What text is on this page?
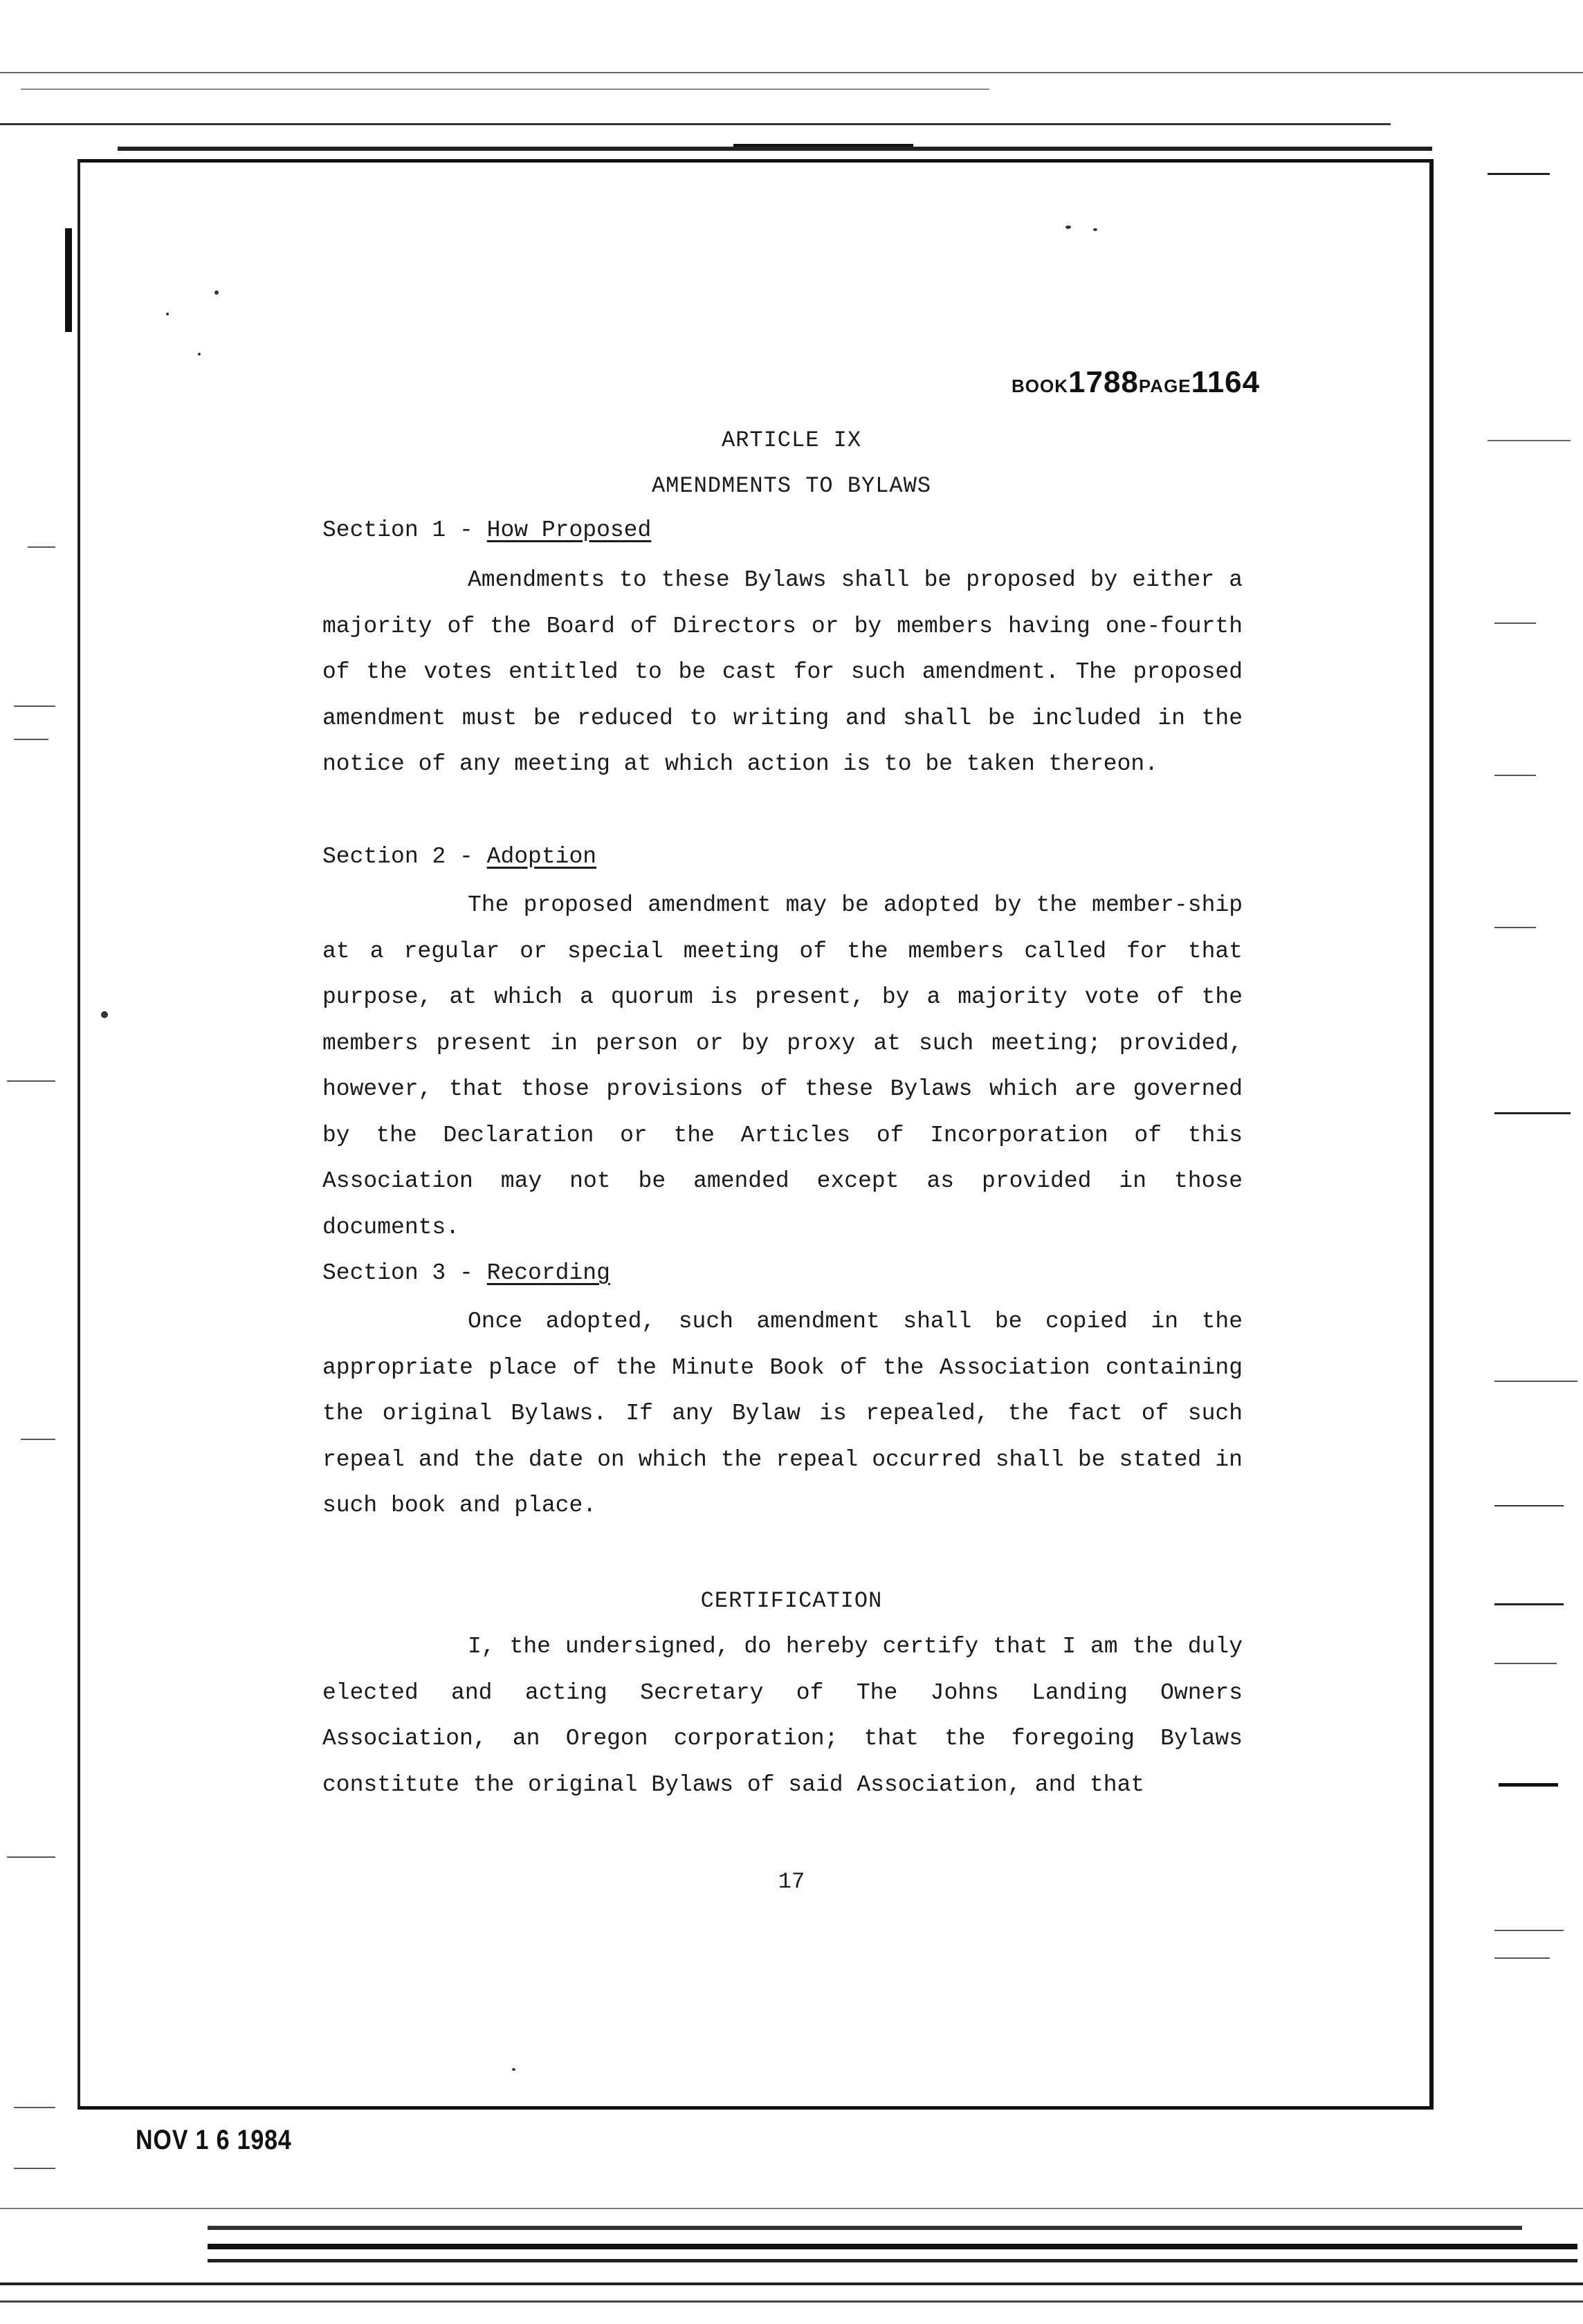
BOOK1788PAGE1164
ARTICLE IX
AMENDMENTS TO BYLAWS
Section 1 - How Proposed

Amendments to these Bylaws shall be proposed by either a majority of the Board of Directors or by members having one-fourth of the votes entitled to be cast for such amendment. The proposed amendment must be reduced to writing and shall be included in the notice of any meeting at which action is to be taken thereon.

Section 2 - Adoption

The proposed amendment may be adopted by the member-ship at a regular or special meeting of the members called for that purpose, at which a quorum is present, by a majority vote of the members present in person or by proxy at such meeting; provided, however, that those provisions of these Bylaws which are governed by the Declaration or the Articles of Incorporation of this Association may not be amended except as provided in those documents.

Section 3 - Recording

Once adopted, such amendment shall be copied in the appropriate place of the Minute Book of the Association containing the original Bylaws. If any Bylaw is repealed, the fact of such repeal and the date on which the repeal occurred shall be stated in such book and place.

CERTIFICATION

I, the undersigned, do hereby certify that I am the duly elected and acting Secretary of The Johns Landing Owners Association, an Oregon corporation; that the foregoing Bylaws constitute the original Bylaws of said Association, and that

17
NOV 1 6 1984
